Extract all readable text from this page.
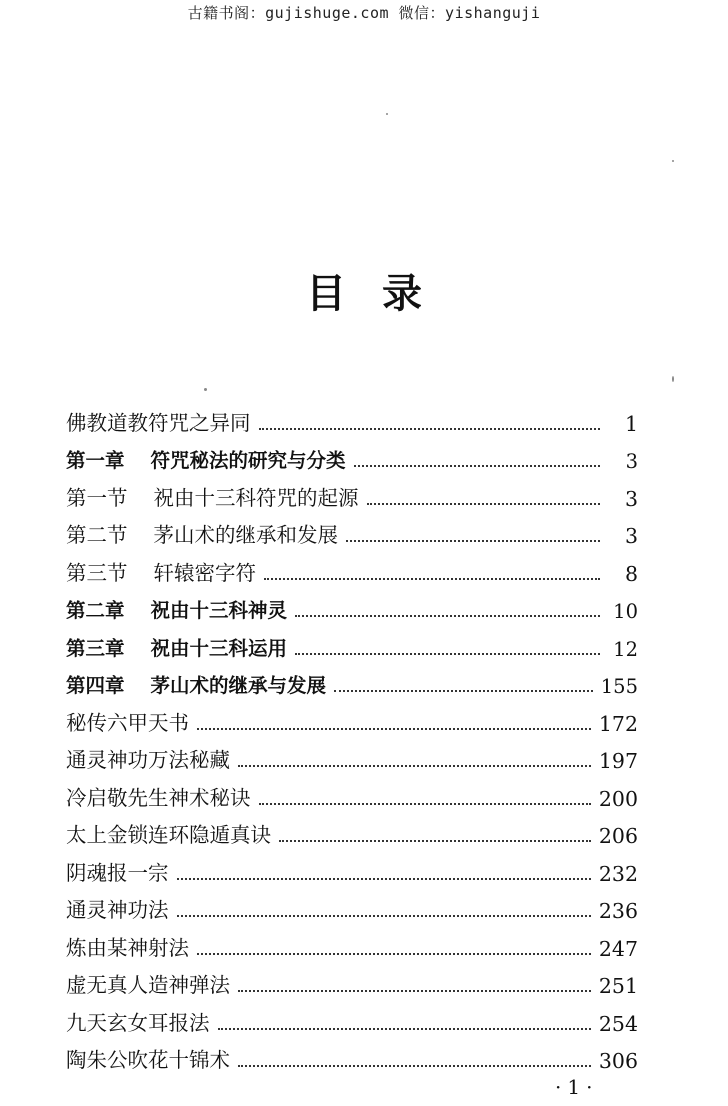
古籍书阁：gujishuge.com 微信：yishanguji
目录
佛教道教符咒之异同	1
第一章 符咒秘法的研究与分类	3
第一节 祝由十三科符咒的起源	3
第二节 茅山术的继承和发展	3
第三节 轩辕密字符	8
第二章 祝由十三科神灵	10
第三章 祝由十三科运用	12
第四章 茅山术的继承与发展	155
秘传六甲天书	172
通灵神功万法秘藏	197
冷启敬先生神术秘诀	200
太上金锁连环隐遁真诀	206
阴魂报一宗	232
通灵神功法	236
炼由某神射法	247
虚无真人造神弹法	251
九天玄女耳报法	254
陶朱公吹花十锦术	306
·1·
